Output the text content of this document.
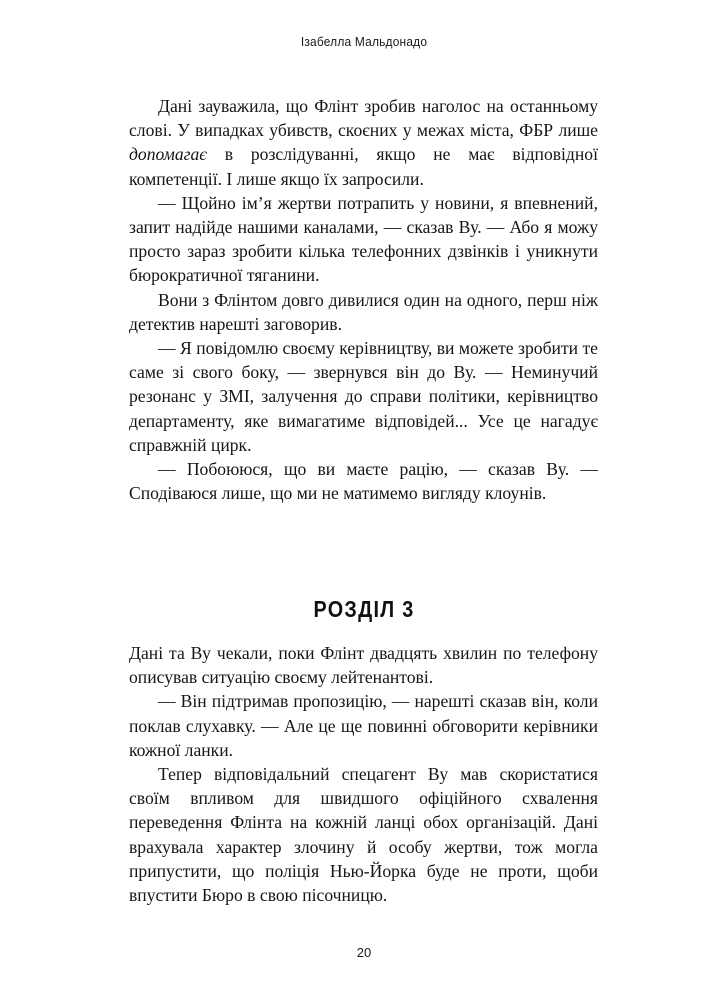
Ізабелла Мальдонадо

Дані зауважила, що Флінт зробив наголос на останньому слові. У випадках убивств, скоєних у межах міста, ФБР лише допомагає в розслідуванні, якщо не має відповідної компетенції. І лише якщо їх запросили.

— Щойно ім’я жертви потрапить у новини, я впевнений, запит надійде нашими каналами, — сказав Ву. — Або я можу просто зараз зробити кілька телефонних дзвінків і уникнути бюрократичної тяганини.

Вони з Флінтом довго дивилися один на одного, перш ніж детектив нарешті заговорив.

— Я повідомлю своєму керівництву, ви можете зробити те саме зі свого боку, — звернувся він до Ву. — Неминучий резонанс у ЗМІ, залучення до справи політики, керівництво департаменту, яке вимагатиме відповідей... Усе це нагадує справжній цирк.

— Побоююся, що ви маєте рацію, — сказав Ву. — Сподіваюся лише, що ми не матимемо вигляду клоунів.

РОЗДІЛ 3

Дані та Ву чекали, поки Флінт двадцять хвилин по телефону описував ситуацію своєму лейтенантові.

— Він підтримав пропозицію, — нарешті сказав він, коли поклав слухавку. — Але це ще повинні обговорити керівники кожної ланки.

Тепер відповідальний спецагент Ву мав скористатися своїм впливом для швидшого офіційного схвалення переведення Флінта на кожній ланці обох організацій. Дані врахувала характер злочину й особу жертви, тож могла припустити, що поліція Нью-Йорка буде не проти, щоби впустити Бюро в свою пісочницю.

20
